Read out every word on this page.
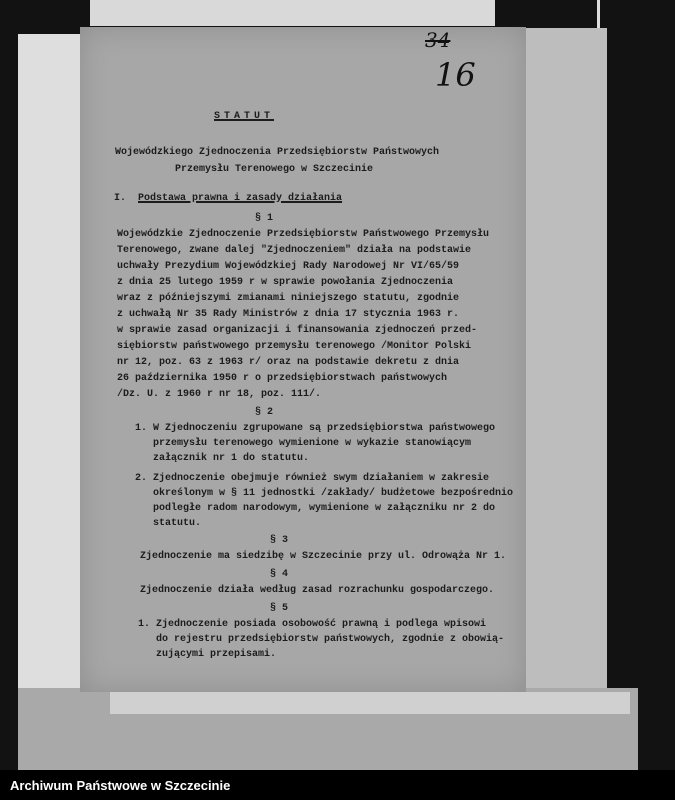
34
16
STATUT
Wojewódzkiego Zjednoczenia Przedsiębiorstw Państwowych
Przemysłu Terenowego w Szczecinie
I. Podstawa prawna i zasady działania
§ 1
Wojewódzkie Zjednoczenie Przedsiębiorstw Państwowego Przemysłu
Terenowego, zwane dalej "Zjednoczeniem" działa na podstawie
uchwały Prezydium Wojewódzkiej Rady Narodowej Nr VI/65/59
z dnia 25 lutego 1959 r w sprawie powołania Zjednoczenia
wraz z późniejszymi zmianami niniejszego statutu, zgodnie
z uchwałą Nr 35 Rady Ministrów z dnia 17 stycznia 1963 r.
w sprawie zasad organizacji i finansowania zjednoczeń przed-
siębiorstw państwowego przemysłu terenowego /Monitor Polski
nr 12, poz. 63 z 1963 r/ oraz na podstawie dekretu z dnia
26 października 1950 r o przedsiębiorstwach państwowych
/Dz. U. z 1960 r nr 18, poz. 111/.
§ 2
1. W Zjednoczeniu zgrupowane są przedsiębiorstwa państwowego
przemysłu terenowego wymienione w wykazie stanowiącym
załącznik nr 1 do statutu.
2. Zjednoczenie obejmuje również swym działaniem w zakresie
określonym w § 11 jednostki /zakłady/ budżetowe bezpośrednio
podległe radom narodowym, wymienione w załączniku nr 2 do
statutu.
§ 3
Zjednoczenie ma siedzibę w Szczecinie przy ul. Odrowąża Nr 1.
§ 4
Zjednoczenie działa według zasad rozrachunku gospodarczego.
§ 5
1. Zjednoczenie posiada osobowość prawną i podlega wpisowi
do rejestru przedsiębiorstw państwowych, zgodnie z obowią-
zującymi przepisami.
Archiwum Państwowe w Szczecinie
